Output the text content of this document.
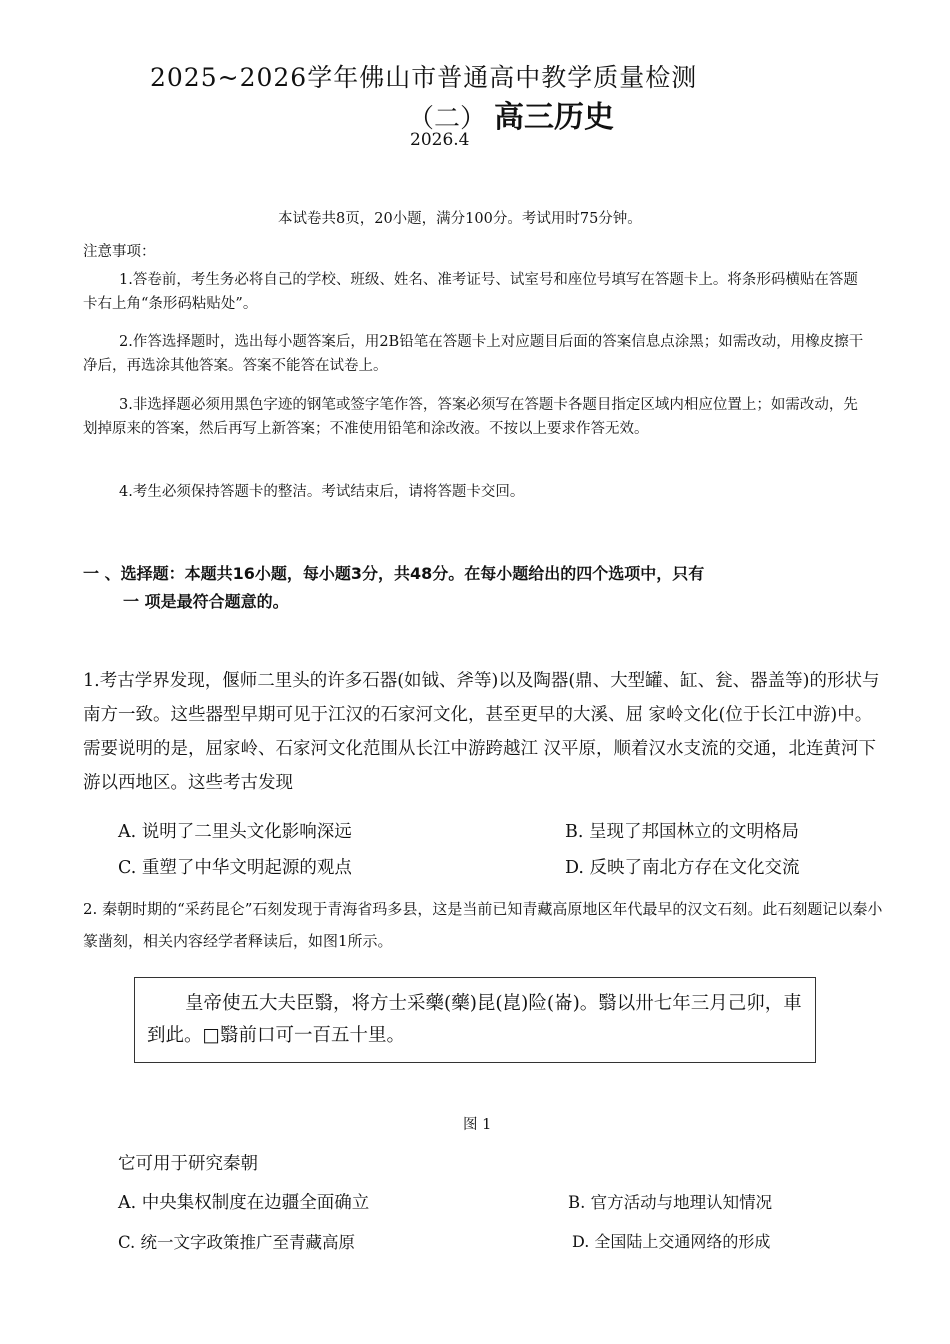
2025~2026学年佛山市普通高中教学质量检测
（二） 高三历史
2026.4
本试卷共8页，20小题，满分100分。考试用时75分钟。
注意事项：
1.答卷前，考生务必将自己的学校、班级、姓名、准考证号、试室号和座位号填写在答题卡上。将条形码横贴在答题卡右上角“条形码粘贴处”。
2.作答选择题时，选出每小题答案后，用2B铅笔在答题卡上对应题目后面的答案信息点涂黑；如需改动，用橡皮擦干净后，再选涂其他答案。答案不能答在试卷上。
3.非选择题必须用黑色字迹的钢笔或签字笔作答，答案必须写在答题卡各题目指定区域内相应位置上；如需改动，先划掉原来的答案，然后再写上新答案；不准使用铅笔和涂改液。不按以上要求作答无效。
4.考生必须保持答题卡的整洁。考试结束后，请将答题卡交回。
一 、选择题：本题共16小题，每小题3分，共48分。在每小题给出的四个选项中，只有
一 项是最符合题意的。
1.考古学界发现，偃师二里头的许多石器(如钺、斧等)以及陶器(鼎、大型罐、缸、瓮、器盖等)的形状与南方一致。这些器型早期可见于江汉的石家河文化，甚至更早的大溪、屈 家岭文化(位于长江中游)中。需要说明的是，屈家岭、石家河文化范围从长江中游跨越江 汉平原，顺着汉水支流的交通，北连黄河下游以西地区。这些考古发现
A. 说明了二里头文化影响深远	B. 呈现了邦国林立的文明格局
C. 重塑了中华文明起源的观点	D. 反映了南北方存在文化交流
2. 秦朝时期的“采药昆仑”石刻发现于青海省玛多县，这是当前已知青藏高原地区年代最早的汉文石刻。此石刻题记以秦小篆凿刻，相关内容经学者释读后，如图1所示。
皇帝使五大夫臣翳，将方士采藥(藥)昆(崑)险(崙)。翳以卅七年三月己卯，車到此。□翳前口可一百五十里。
图 1
它可用于研究秦朝
A. 中央集权制度在边疆全面确立	B. 官方活动与地理认知情况
C. 统一文字政策推广至青藏高原	D. 全国陆上交通网络的形成
